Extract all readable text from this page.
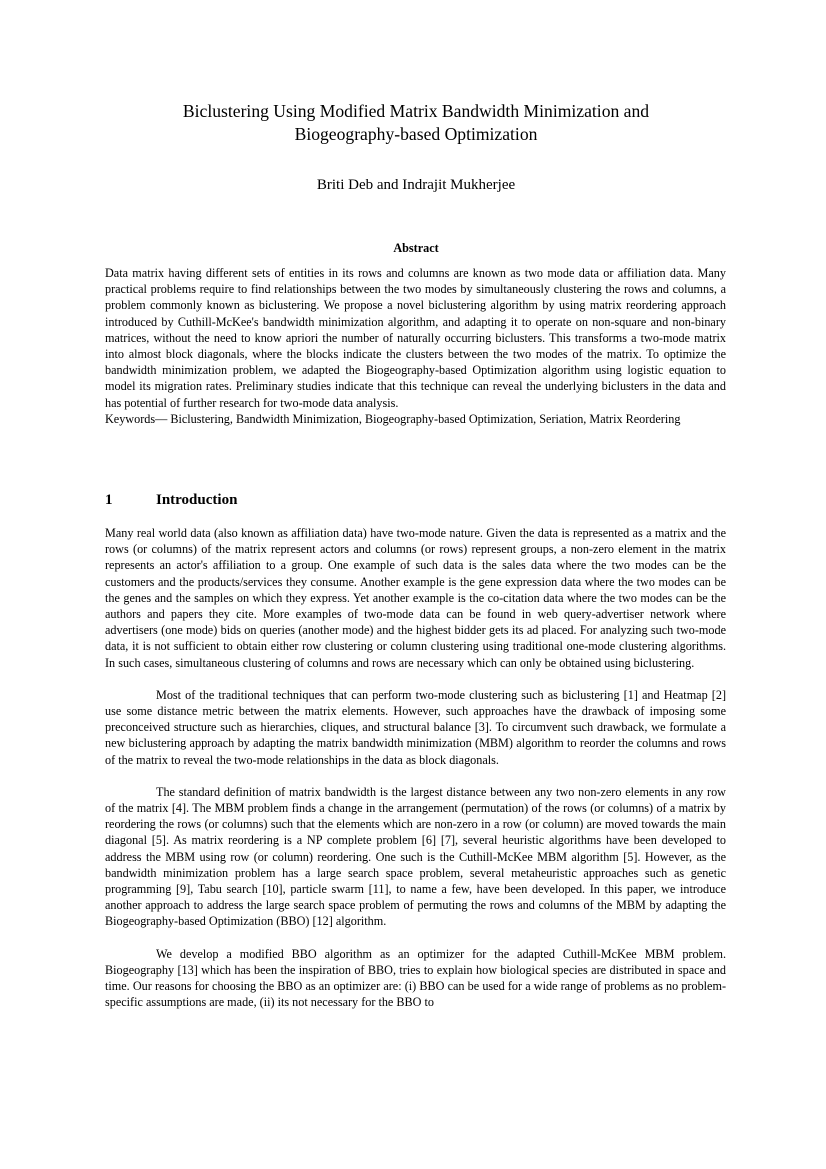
Biclustering Using Modified Matrix Bandwidth Minimization and
Biogeography-based Optimization
Briti Deb and Indrajit Mukherjee
Abstract

Data matrix having different sets of entities in its rows and columns are known as two mode data or affiliation data. Many practical problems require to find relationships between the two modes by simultaneously clustering the rows and columns, a problem commonly known as biclustering. We propose a novel biclustering algorithm by using matrix reordering approach introduced by Cuthill-McKee's bandwidth minimization algorithm, and adapting it to operate on non-square and non-binary matrices, without the need to know apriori the number of naturally occurring biclusters. This transforms a two-mode matrix into almost block diagonals, where the blocks indicate the clusters between the two modes of the matrix. To optimize the bandwidth minimization problem, we adapted the Biogeography-based Optimization algorithm using logistic equation to model its migration rates. Preliminary studies indicate that this technique can reveal the underlying biclusters in the data and has potential of further research for two-mode data analysis.

Keywords— Biclustering, Bandwidth Minimization, Biogeography-based Optimization, Seriation, Matrix Reordering

1	Introduction

Many real world data (also known as affiliation data) have two-mode nature. Given the data is represented as a matrix and the rows (or columns) of the matrix represent actors and columns (or rows) represent groups, a non-zero element in the matrix represents an actor's affiliation to a group. One example of such data is the sales data where the two modes can be the customers and the products/services they consume. Another example is the gene expression data where the two modes can be the genes and the samples on which they express. Yet another example is the co-citation data where the two modes can be the authors and papers they cite. More examples of two-mode data can be found in web query-advertiser network where advertisers (one mode) bids on queries (another mode) and the highest bidder gets its ad placed. For analyzing such two-mode data, it is not sufficient to obtain either row clustering or column clustering using traditional one-mode clustering algorithms. In such cases, simultaneous clustering of columns and rows are necessary which can only be obtained using biclustering.

Most of the traditional techniques that can perform two-mode clustering such as biclustering [1] and Heatmap [2] use some distance metric between the matrix elements. However, such approaches have the drawback of imposing some preconceived structure such as hierarchies, cliques, and structural balance [3]. To circumvent such drawback, we formulate a new biclustering approach by adapting the matrix bandwidth minimization (MBM) algorithm to reorder the columns and rows of the matrix to reveal the two-mode relationships in the data as block diagonals.

The standard definition of matrix bandwidth is the largest distance between any two non-zero elements in any row of the matrix [4]. The MBM problem finds a change in the arrangement (permutation) of the rows (or columns) of a matrix by reordering the rows (or columns) such that the elements which are non-zero in a row (or column) are moved towards the main diagonal [5]. As matrix reordering is a NP complete problem [6] [7], several heuristic algorithms have been developed to address the MBM using row (or column) reordering. One such is the Cuthill-McKee MBM algorithm [5]. However, as the bandwidth minimization problem has a large search space problem, several metaheuristic approaches such as genetic programming [9], Tabu search [10], particle swarm [11], to name a few, have been developed. In this paper, we introduce another approach to address the large search space problem of permuting the rows and columns of the MBM by adapting the Biogeography-based Optimization (BBO) [12] algorithm.

We develop a modified BBO algorithm as an optimizer for the adapted Cuthill-McKee MBM problem. Biogeography [13] which has been the inspiration of BBO, tries to explain how biological species are distributed in space and time. Our reasons for choosing the BBO as an optimizer are: (i) BBO can be used for a wide range of problems as no problem-specific assumptions are made, (ii) its not necessary for the BBO to
